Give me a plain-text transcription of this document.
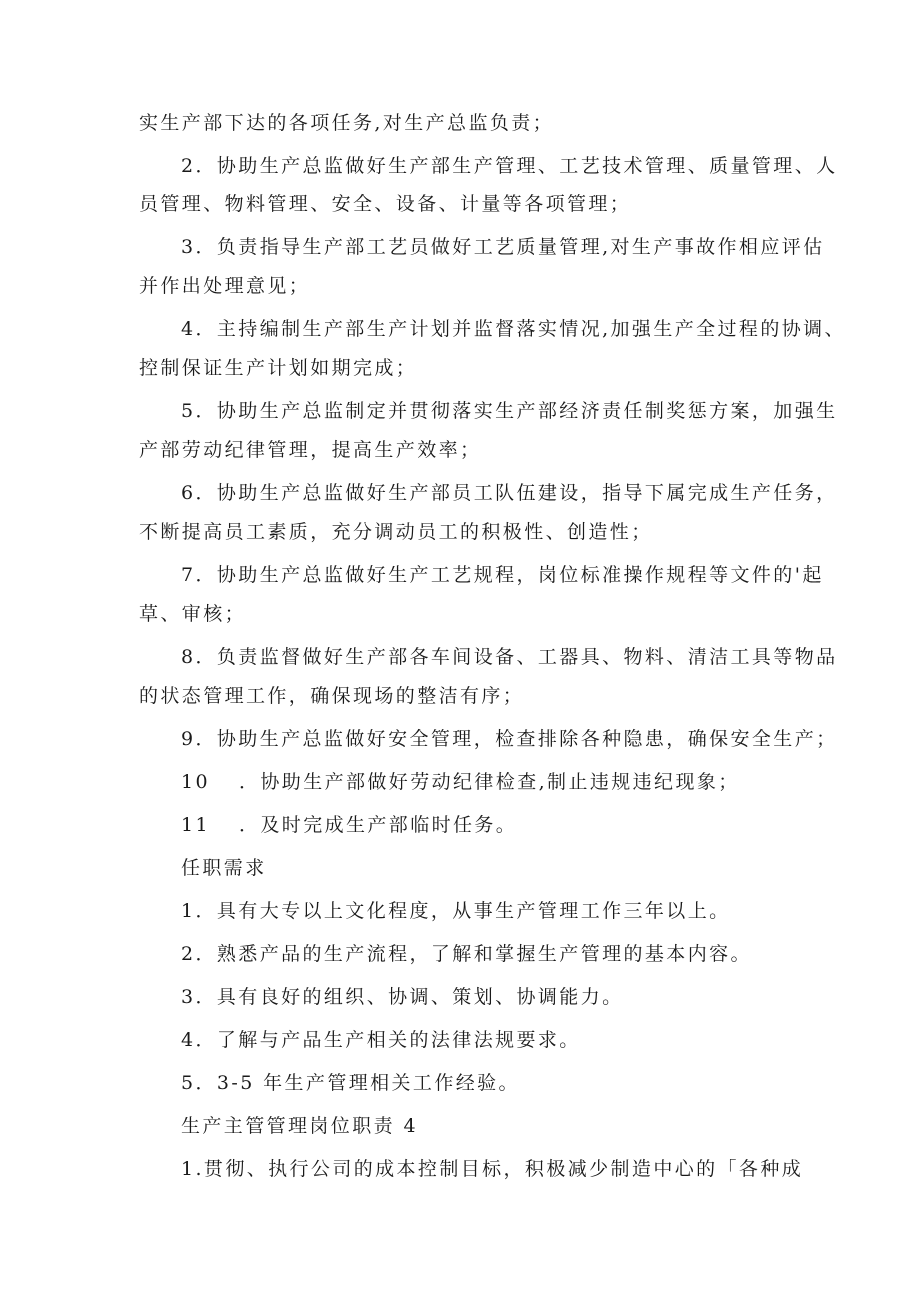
实生产部下达的各项任务,对生产总监负责；
2．协助生产总监做好生产部生产管理、工艺技术管理、质量管理、人
员管理、物料管理、安全、设备、计量等各项管理；
3．负责指导生产部工艺员做好工艺质量管理,对生产事故作相应评估
并作出处理意见；
4．主持编制生产部生产计划并监督落实情况,加强生产全过程的协调、
控制保证生产计划如期完成；
5．协助生产总监制定并贯彻落实生产部经济责任制奖惩方案，加强生
产部劳动纪律管理，提高生产效率；
6．协助生产总监做好生产部员工队伍建设，指导下属完成生产任务，
不断提高员工素质，充分调动员工的积极性、创造性；
7．协助生产总监做好生产工艺规程，岗位标准操作规程等文件的'起
草、审核；
8．负责监督做好生产部各车间设备、工器具、物料、清洁工具等物品
的状态管理工作，确保现场的整洁有序；
9．协助生产总监做好安全管理，检查排除各种隐患，确保安全生产；
10 ．协助生产部做好劳动纪律检查,制止违规违纪现象；
11 ．及时完成生产部临时任务。
任职需求
1．具有大专以上文化程度，从事生产管理工作三年以上。
2．熟悉产品的生产流程，了解和掌握生产管理的基本内容。
3．具有良好的组织、协调、策划、协调能力。
4．了解与产品生产相关的法律法规要求。
5．3-5 年生产管理相关工作经验。
生产主管管理岗位职责 4
1.贯彻、执行公司的成本控制目标，积极减少制造中心的「各种成
